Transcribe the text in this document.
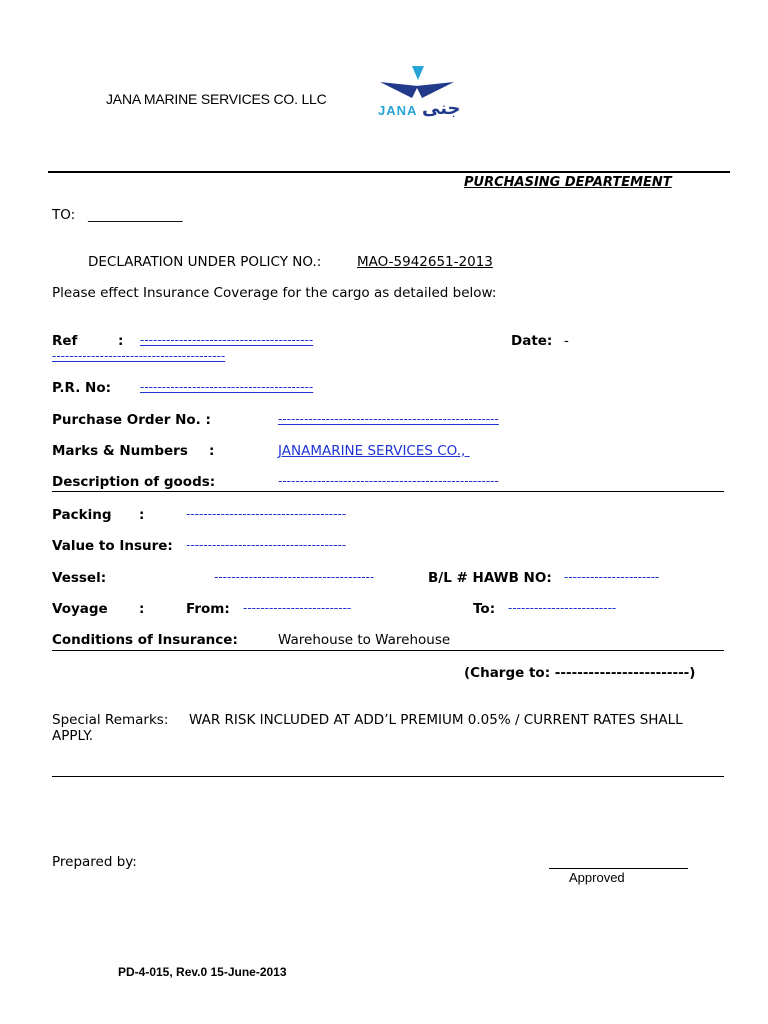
JANA MARINE SERVICES CO. LLC
JANA جنى
PURCHASING DEPARTEMENT
TO: ______________
DECLARATION UNDER POLICY NO.:	MAO-5942651-2013
Please effect Insurance Coverage for the cargo as detailed below:
Ref	: ----------------------------------------	Date: -
----------------------------------------
P.R. No: ----------------------------------------
Purchase Order No. :	---------------------------------------------------
Marks & Numbers :	JANAMARINE SERVICES CO.,
Description of goods:	---------------------------------------------------
Packing :	-------------------------------------
Value to Insure: -------------------------------------
Vessel:	-------------------------------------	B/L # HAWB NO: ----------------------
Voyage :	From: -------------------------	To: -------------------------
Conditions of Insurance:	Warehouse to Warehouse
(Charge to: ------------------------)
Special Remarks: WAR RISK INCLUDED AT ADD’L PREMIUM 0.05% / CURRENT RATES SHALL
APPLY.
Prepared by:
Approved
PD-4-015, Rev.0 15-June-2013
